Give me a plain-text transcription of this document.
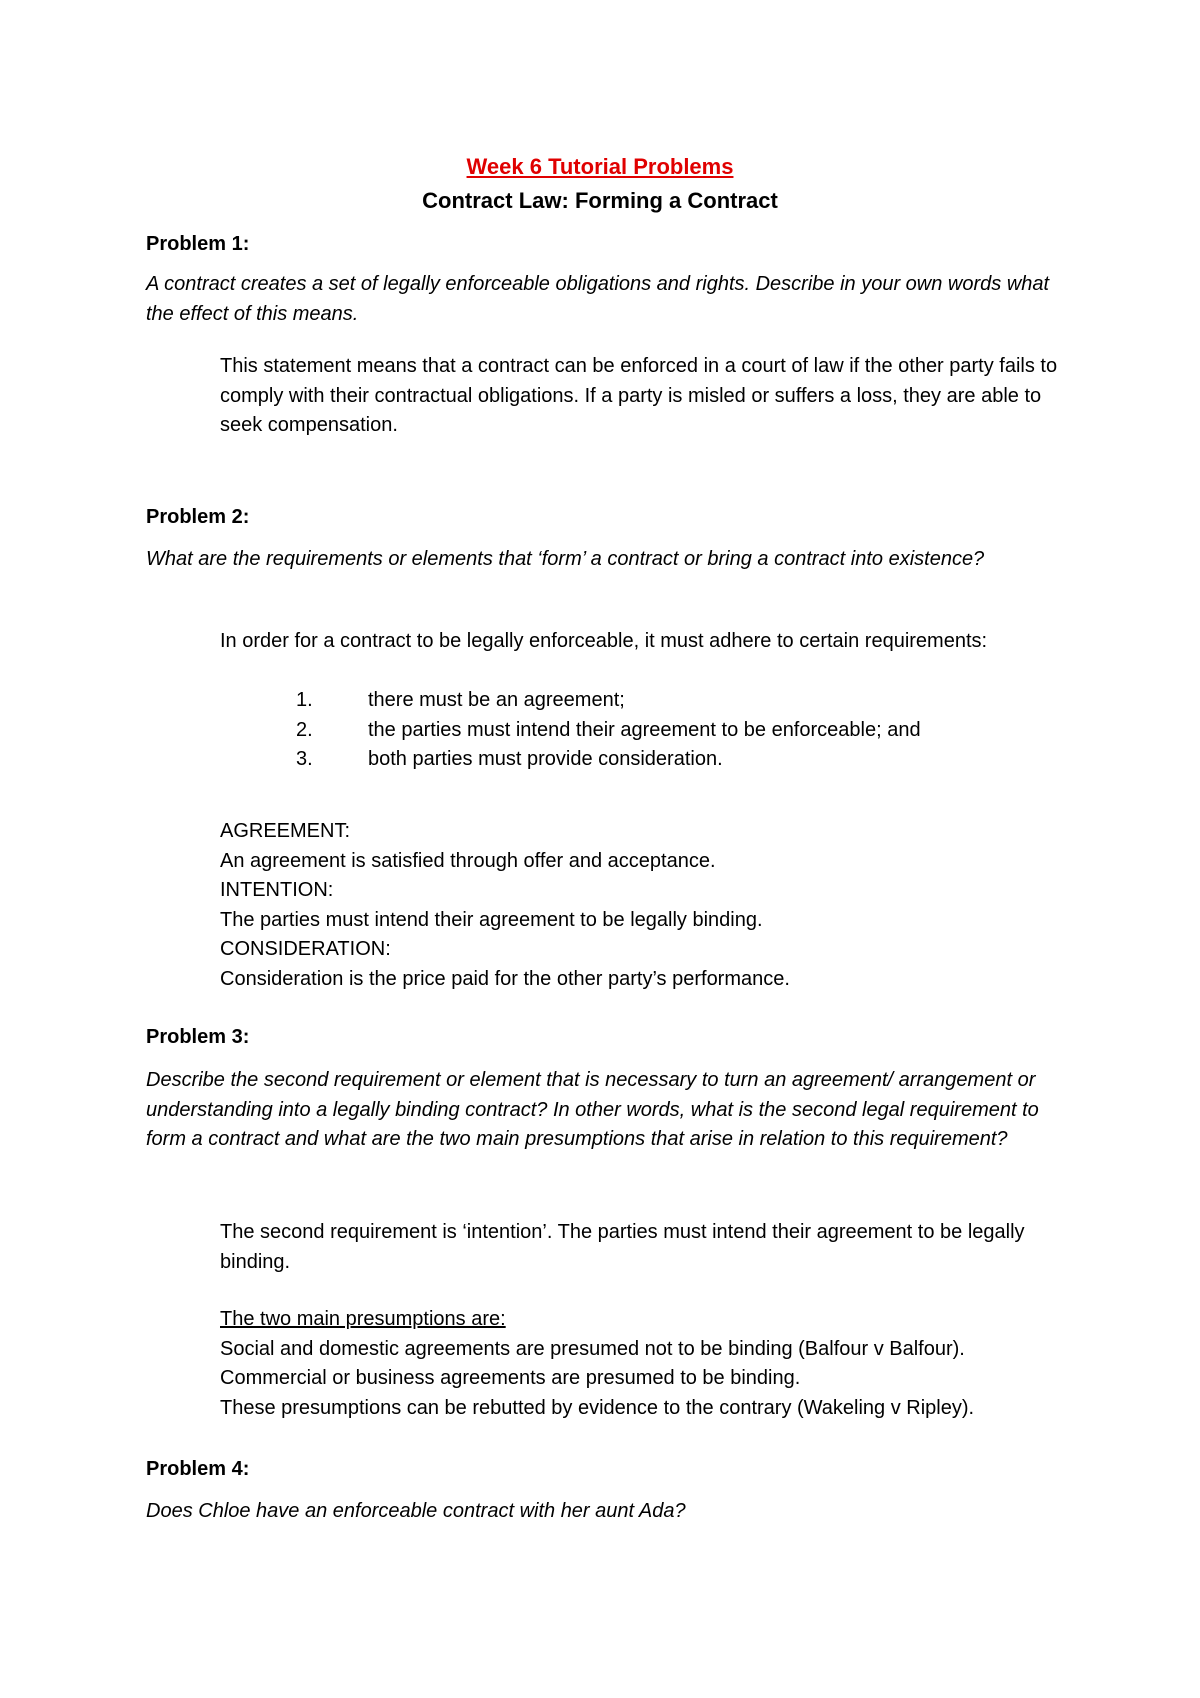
Week 6 Tutorial Problems
Contract Law: Forming a Contract
Problem 1:
A contract creates a set of legally enforceable obligations and rights. Describe in your own words what the effect of this means.
This statement means that a contract can be enforced in a court of law if the other party fails to comply with their contractual obligations. If a party is misled or suffers a loss, they are able to seek compensation.
Problem 2:
What are the requirements or elements that ‘form’ a contract or bring a contract into existence?
In order for a contract to be legally enforceable, it must adhere to certain requirements:
1.	there must be an agreement;
2.	the parties must intend their agreement to be enforceable; and
3.	both parties must provide consideration.
AGREEMENT:
An agreement is satisfied through offer and acceptance.
INTENTION:
The parties must intend their agreement to be legally binding.
CONSIDERATION:
Consideration is the price paid for the other party’s performance.
Problem 3:
Describe the second requirement or element that is necessary to turn an agreement/ arrangement or understanding into a legally binding contract? In other words, what is the second legal requirement to form a contract and what are the two main presumptions that arise in relation to this requirement?
The second requirement is ‘intention’. The parties must intend their agreement to be legally binding.
The two main presumptions are:
Social and domestic agreements are presumed not to be binding (Balfour v Balfour).
Commercial or business agreements are presumed to be binding.
These presumptions can be rebutted by evidence to the contrary (Wakeling v Ripley).
Problem 4:
Does Chloe have an enforceable contract with her aunt Ada?
